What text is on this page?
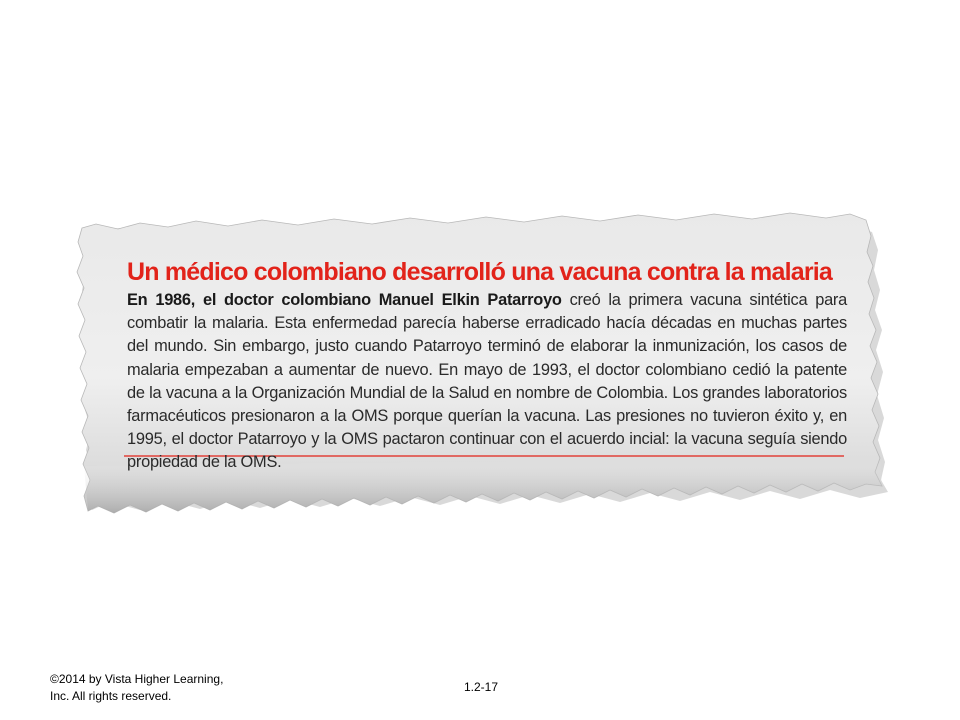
Un médico colombiano desarrolló una vacuna contra la malaria

En 1986, el doctor colombiano Manuel Elkin Patarroyo creó la primera vacuna sintética para combatir la malaria. Esta enfermedad parecía haberse erradicado hacía décadas en muchas partes del mundo. Sin embargo, justo cuando Patarroyo terminó de elaborar la inmunización, los casos de malaria empezaban a aumentar de nuevo. En mayo de 1993, el doctor colombiano cedió la patente de la vacuna a la Organización Mundial de la Salud en nombre de Colombia. Los grandes laboratorios farmacéuticos presionaron a la OMS porque querían la vacuna. Las presiones no tuvieron éxito y, en 1995, el doctor Patarroyo y la OMS pactaron continuar con el acuerdo incial: la vacuna seguía siendo propiedad de la OMS.

©2014 by Vista Higher Learning,
Inc. All rights reserved.
1.2-17
